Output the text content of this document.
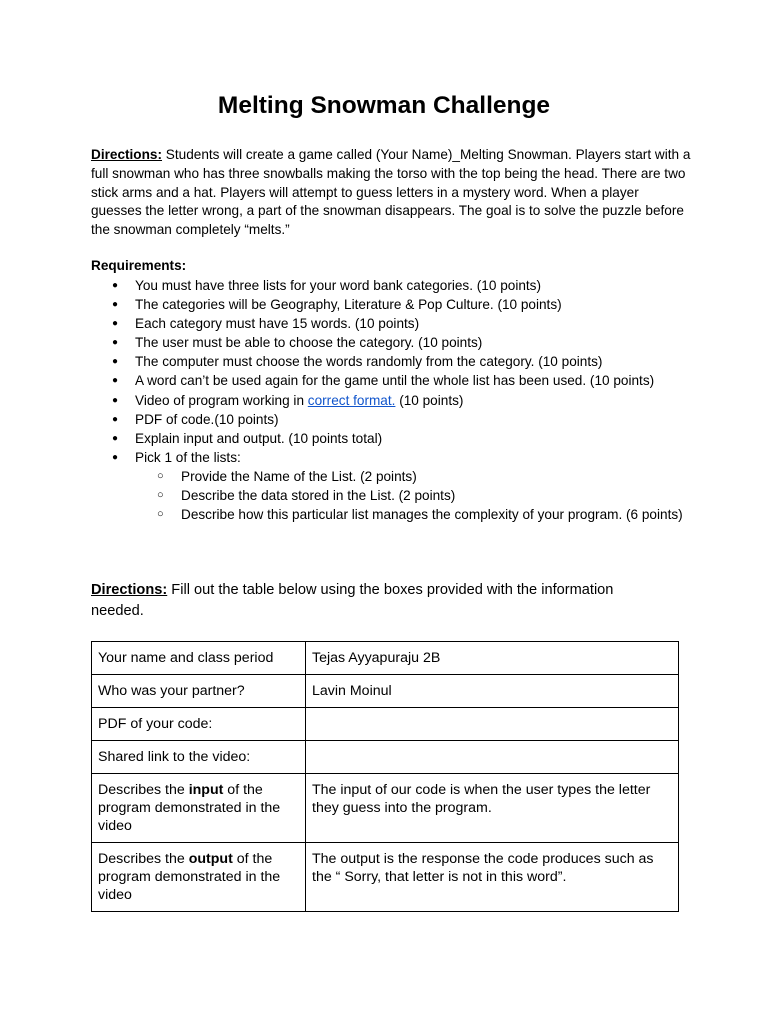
Melting Snowman Challenge

Directions: Students will create a game called (Your Name)_Melting Snowman. Players start with a full snowman who has three snowballs making the torso with the top being the head. There are two stick arms and a hat. Players will attempt to guess letters in a mystery word. When a player guesses the letter wrong, a part of the snowman disappears. The goal is to solve the puzzle before the snowman completely “melts.”

Requirements:

● You must have three lists for your word bank categories. (10 points)
● The categories will be Geography, Literature & Pop Culture. (10 points)
● Each category must have 15 words. (10 points)
● The user must be able to choose the category. (10 points)
● The computer must choose the words randomly from the category. (10 points)
● A word can’t be used again for the game until the whole list has been used. (10 points)
● Video of program working in correct format. (10 points)
● PDF of code.(10 points)
● Explain input and output. (10 points total)
● Pick 1 of the lists:
○ Provide the Name of the List. (2 points)
○ Describe the data stored in the List. (2 points)
○ Describe how this particular list manages the complexity of your program. (6 points)

Directions: Fill out the table below using the boxes provided with the information needed.

Your name and class period	Tejas Ayyapuraju 2B
Who was your partner?	Lavin Moinul
PDF of your code:	
Shared link to the video:	
Describes the input of the program demonstrated in the video	The input of our code is when the user types the letter they guess into the program.
Describes the output of the program demonstrated in the video	The output is the response the code produces such as the “ Sorry, that letter is not in this word”.
